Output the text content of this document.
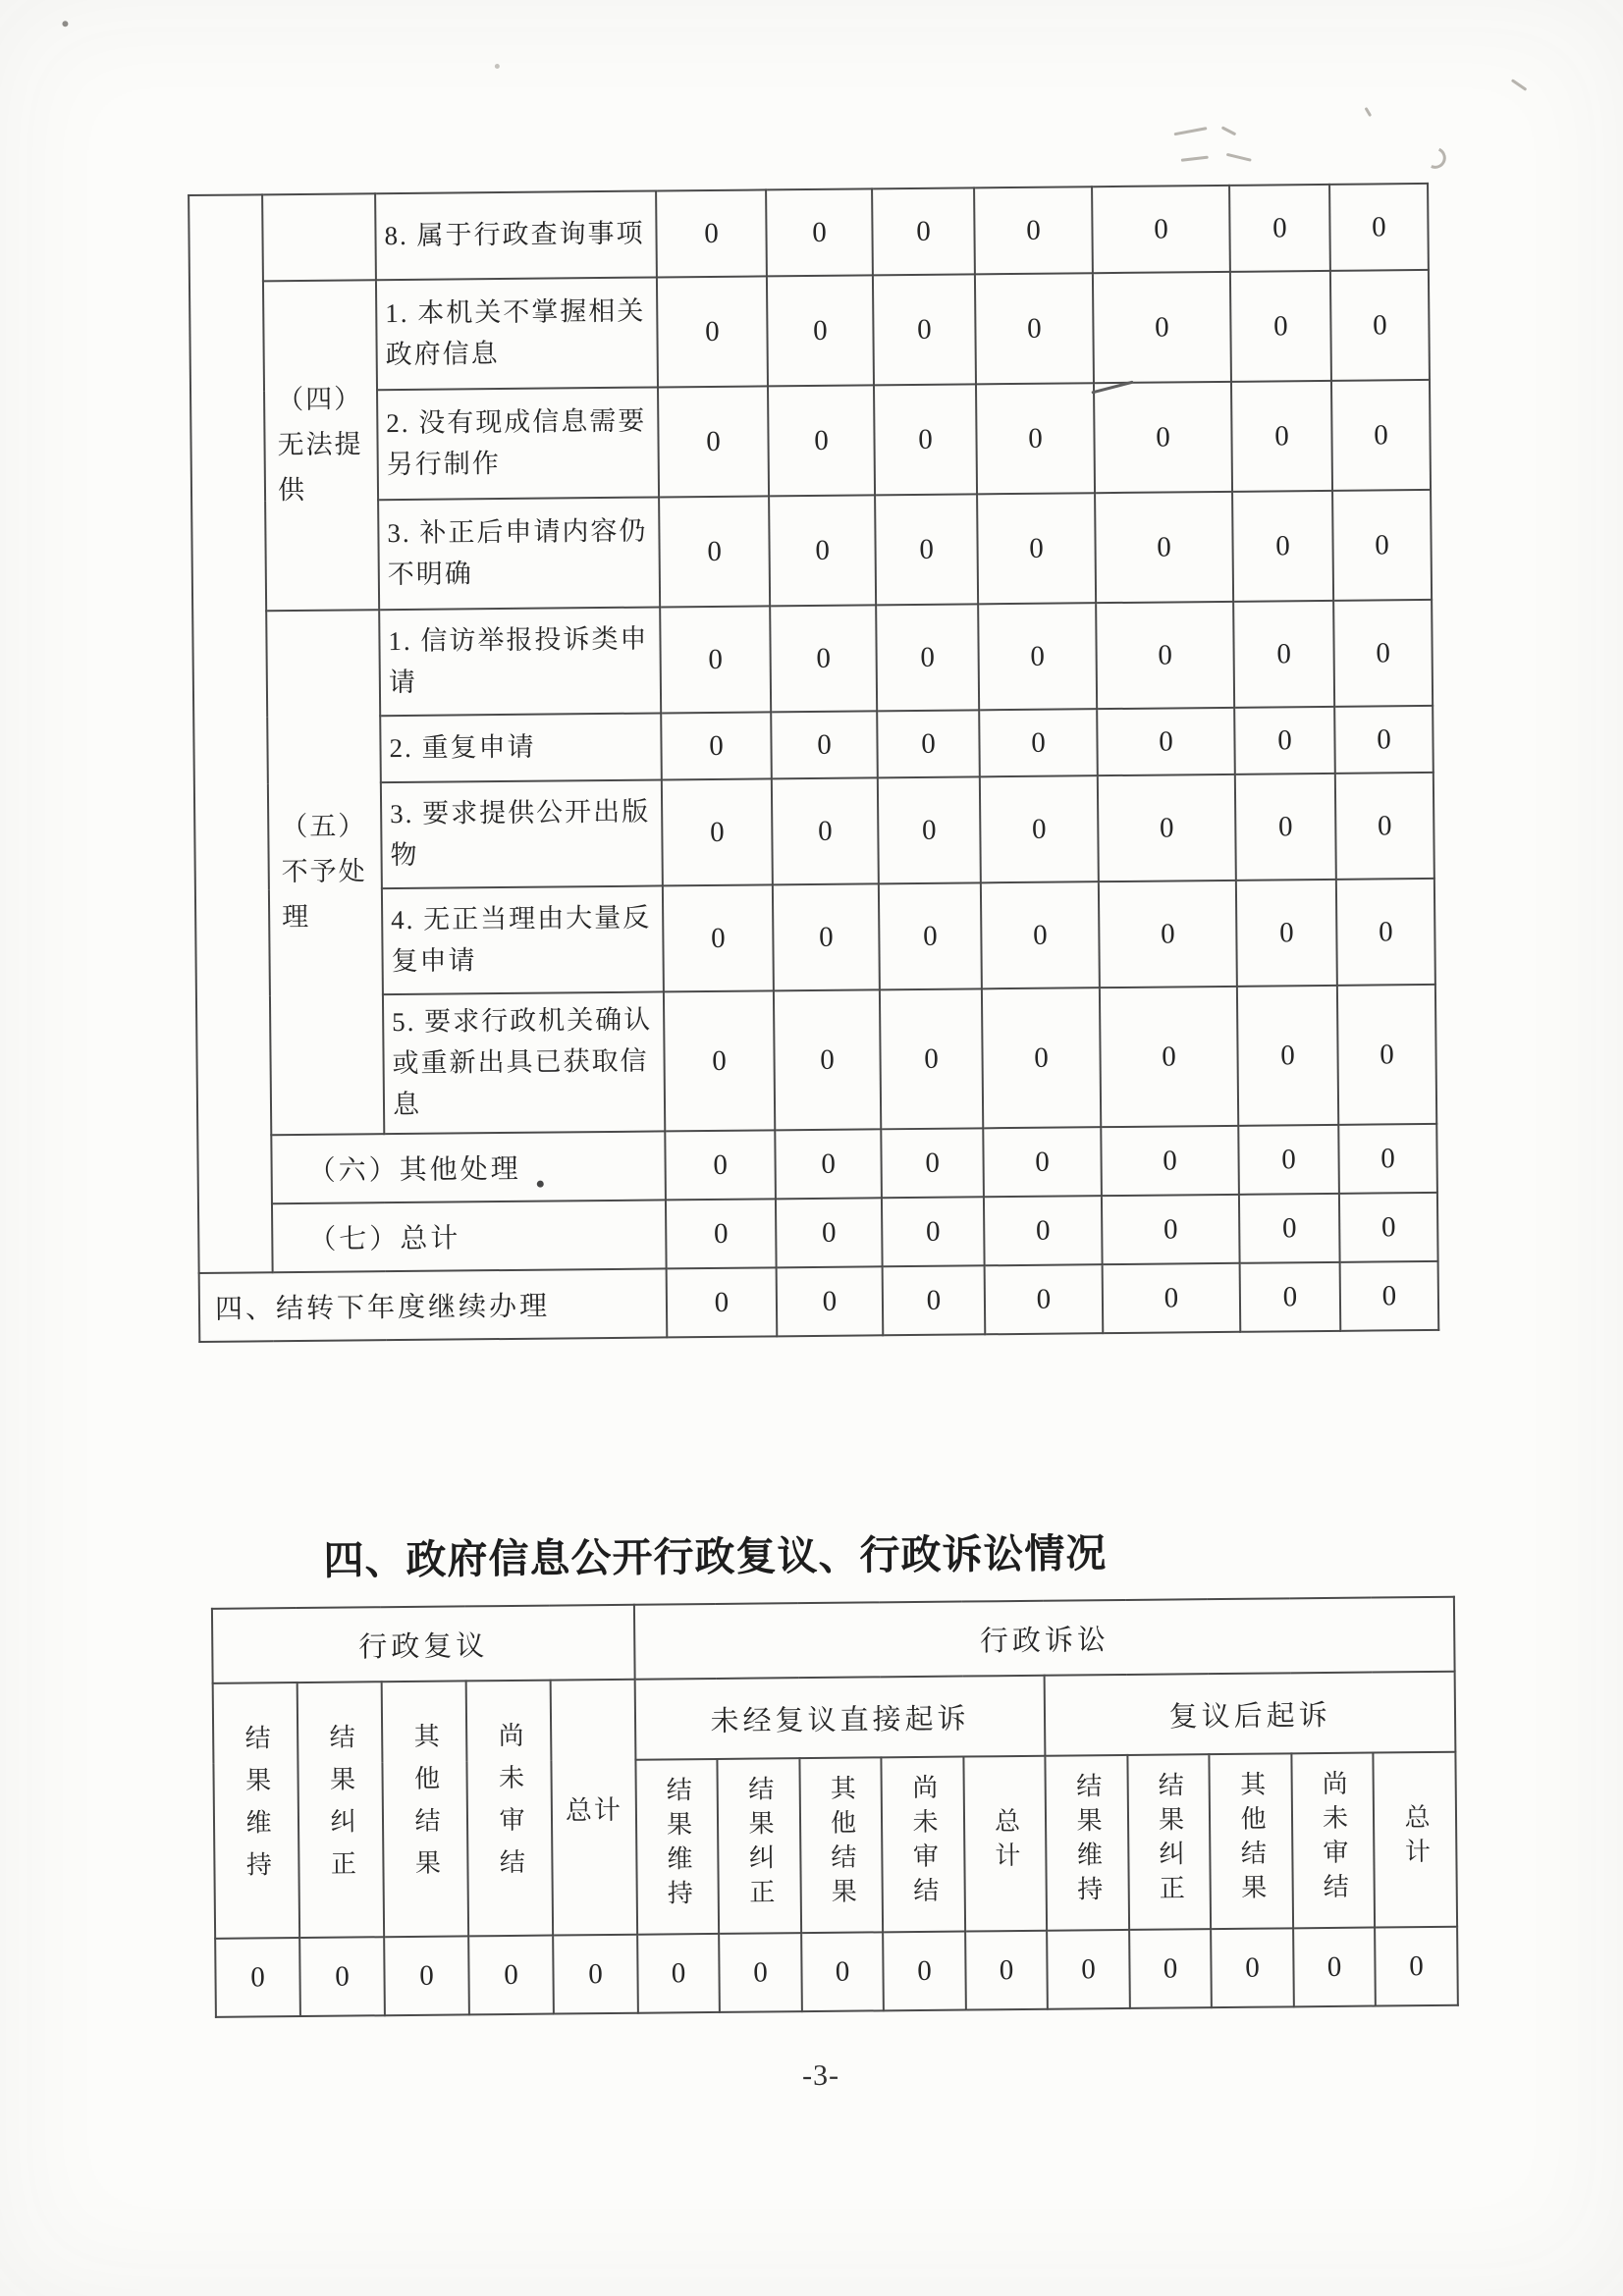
		8. 属于行政查询事项	0	0	0	0	0	0	0
	（四）无法提供	1. 本机关不掌握相关政府信息	0	0	0	0	0	0	0
		2. 没有现成信息需要另行制作	0	0	0	0	0	0	0
		3. 补正后申请内容仍不明确	0	0	0	0	0	0	0
	（五）不予处理	1. 信访举报投诉类申请	0	0	0	0	0	0	0
		2. 重复申请	0	0	0	0	0	0	0
		3. 要求提供公开出版物	0	0	0	0	0	0	0
		4. 无正当理由大量反复申请	0	0	0	0	0	0	0
		5. 要求行政机关确认或重新出具已获取信息	0	0	0	0	0	0	0
	（六）其他处理		0	0	0	0	0	0	0
	（七）总计		0	0	0	0	0	0	0
四、结转下年度继续办理			0	0	0	0	0	0	0
四、政府信息公开行政复议、行政诉讼情况
行政复议					行政诉讼									
结果维持	结果纠正	其他结果	尚未审结	总计	未经复议直接起诉					复议后起诉				
					结果维持	结果纠正	其他结果	尚未审结	总计	结果维持	结果纠正	其他结果	尚未审结	总计
0	0	0	0	0	0	0	0	0	0	0	0	0	0	0
-3-
